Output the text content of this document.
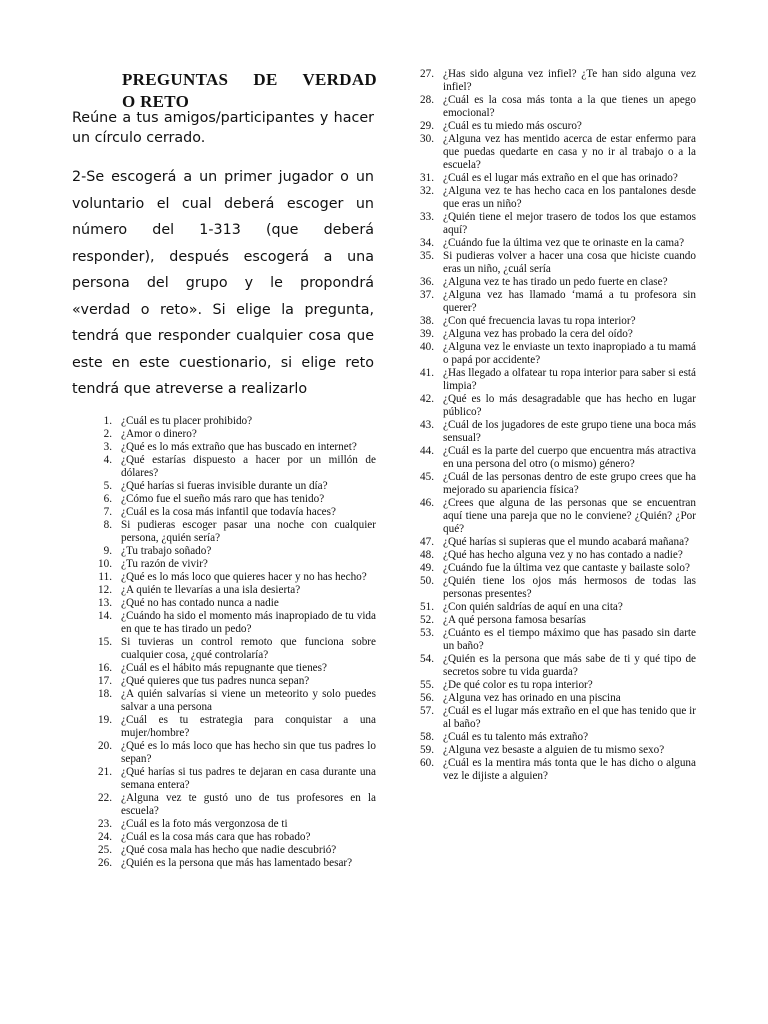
PREGUNTAS DE VERDAD
O RETO

Reúne a tus amigos/participantes y hacer un círculo cerrado.

2-Se escogerá a un primer jugador o un voluntario el cual deberá escoger un número del 1-313 (que deberá responder), después escogerá a una persona del grupo y le propondrá «verdad o reto». Si elige la pregunta, tendrá que responder cualquier cosa que este en este cuestionario, si elige reto tendrá que atreverse a realizarlo

1. ¿Cuál es tu placer prohibido?
2. ¿Amor o dinero?
3. ¿Qué es lo más extraño que has buscado en internet?
4. ¿Qué estarías dispuesto a hacer por un millón de dólares?
5. ¿Qué harías si fueras invisible durante un día?
6. ¿Cómo fue el sueño más raro que has tenido?
7. ¿Cuál es la cosa más infantil que todavía haces?
8. Si pudieras escoger pasar una noche con cualquier persona, ¿quién sería?
9. ¿Tu trabajo soñado?
10. ¿Tu razón de vivir?
11. ¿Qué es lo más loco que quieres hacer y no has hecho?
12. ¿A quién te llevarías a una isla desierta?
13. ¿Qué no has contado nunca a nadie
14. ¿Cuándo ha sido el momento más inapropiado de tu vida en que te has tirado un pedo?
15. Si tuvieras un control remoto que funciona sobre cualquier cosa, ¿qué controlaría?
16. ¿Cuál es el hábito más repugnante que tienes?
17. ¿Qué quieres que tus padres nunca sepan?
18. ¿A quién salvarías si viene un meteorito y solo puedes salvar a una persona
19. ¿Cuál es tu estrategia para conquistar a una mujer/hombre?
20. ¿Qué es lo más loco que has hecho sin que tus padres lo sepan?
21. ¿Qué harías si tus padres te dejaran en casa durante una semana entera?
22. ¿Alguna vez te gustó uno de tus profesores en la escuela?
23. ¿Cuál es la foto más vergonzosa de ti
24. ¿Cuál es la cosa más cara que has robado?
25. ¿Qué cosa mala has hecho que nadie descubrió?
26. ¿Quién es la persona que más has lamentado besar?
27. ¿Has sido alguna vez infiel? ¿Te han sido alguna vez infiel?
28. ¿Cuál es la cosa más tonta a la que tienes un apego emocional?
29. ¿Cuál es tu miedo más oscuro?
30. ¿Alguna vez has mentido acerca de estar enfermo para que puedas quedarte en casa y no ir al trabajo o a la escuela?
31. ¿Cuál es el lugar más extraño en el que has orinado?
32. ¿Alguna vez te has hecho caca en los pantalones desde que eras un niño?
33. ¿Quién tiene el mejor trasero de todos los que estamos aquí?
34. ¿Cuándo fue la última vez que te orinaste en la cama?
35. Si pudieras volver a hacer una cosa que hiciste cuando eras un niño, ¿cuál sería
36. ¿Alguna vez te has tirado un pedo fuerte en clase?
37. ¿Alguna vez has llamado ‘mamá a tu profesora sin querer?
38. ¿Con qué frecuencia lavas tu ropa interior?
39. ¿Alguna vez has probado la cera del oído?
40. ¿Alguna vez le enviaste un texto inapropiado a tu mamá o papá por accidente?
41. ¿Has llegado a olfatear tu ropa interior para saber si está limpia?
42. ¿Qué es lo más desagradable que has hecho en lugar público?
43. ¿Cuál de los jugadores de este grupo tiene una boca más sensual?
44. ¿Cuál es la parte del cuerpo que encuentra más atractiva en una persona del otro (o mismo) género?
45. ¿Cuál de las personas dentro de este grupo crees que ha mejorado su apariencia física?
46. ¿Crees que alguna de las personas que se encuentran aquí tiene una pareja que no le conviene? ¿Quién? ¿Por qué?
47. ¿Qué harías si supieras que el mundo acabará mañana?
48. ¿Qué has hecho alguna vez y no has contado a nadie?
49. ¿Cuándo fue la última vez que cantaste y bailaste solo?
50. ¿Quién tiene los ojos más hermosos de todas las personas presentes?
51. ¿Con quién saldrías de aquí en una cita?
52. ¿A qué persona famosa besarías
53. ¿Cuánto es el tiempo máximo que has pasado sin darte un baño?
54. ¿Quién es la persona que más sabe de ti y qué tipo de secretos sobre tu vida guarda?
55. ¿De qué color es tu ropa interior?
56. ¿Alguna vez has orinado en una piscina
57. ¿Cuál es el lugar más extraño en el que has tenido que ir al baño?
58. ¿Cuál es tu talento más extraño?
59. ¿Alguna vez besaste a alguien de tu mismo sexo?
60. ¿Cuál es la mentira más tonta que le has dicho o alguna vez le dijiste a alguien?
